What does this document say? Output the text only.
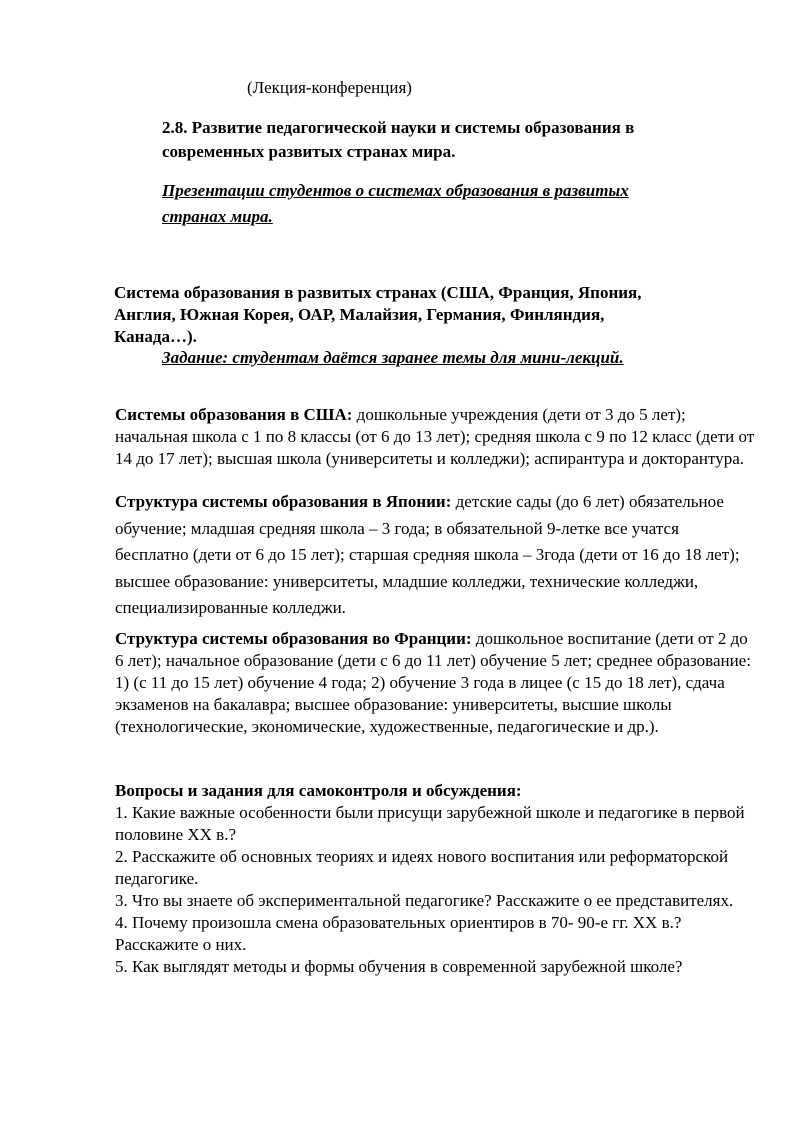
(Лекция-конференция)
2.8. Развитие педагогической науки и системы образования в
современных развитых странах мира.
Презентации студентов о системах образования в развитых
странах мира.
Система образования в развитых странах (США, Франция, Япония,
Англия, Южная Корея, ОАР, Малайзия, Германия, Финляндия,
Канада…).
Задание: студентам даётся заранее темы для мини-лекций.

Системы образования в США: дошкольные учреждения (дети от 3 до 5 лет); начальная школа с 1 по 8 классы (от 6 до 13 лет); средняя школа с 9 по 12 класс (дети от 14 до 17 лет); высшая школа (университеты и колледжи); аспирантура и докторантура.

Структура системы образования в Японии: детские сады (до 6 лет) обязательное обучение; младшая средняя школа – 3 года; в обязательной 9-летке все учатся бесплатно (дети от 6 до 15 лет); старшая средняя школа – 3года (дети от 16 до 18 лет); высшее образование: университеты, младшие колледжи, технические колледжи, специализированные колледжи.

Структура системы образования во Франции: дошкольное воспитание (дети от 2 до 6 лет); начальное образование (дети с 6 до 11 лет) обучение 5 лет; среднее образование: 1) (с 11 до 15 лет) обучение 4 года; 2) обучение 3 года в лицее (с 15 до 18 лет), сдача экзаменов на бакалавра; высшее образование: университеты, высшие школы (технологические, экономические, художественные, педагогические и др.).

Вопросы и задания для самоконтроля и обсуждения:

1. Какие важные особенности были присущи зарубежной школе и педагогике в первой половине XX в.?

2. Расскажите об основных теориях и идеях нового воспитания или реформаторской педагогике.

3. Что вы знаете об экспериментальной педагогике? Расскажите о ее представителях.

4. Почему произошла смена образовательных ориентиров в 70- 90-е гг. XX в.? Расскажите о них.

5. Как выглядят методы и формы обучения в современной зарубежной школе?
